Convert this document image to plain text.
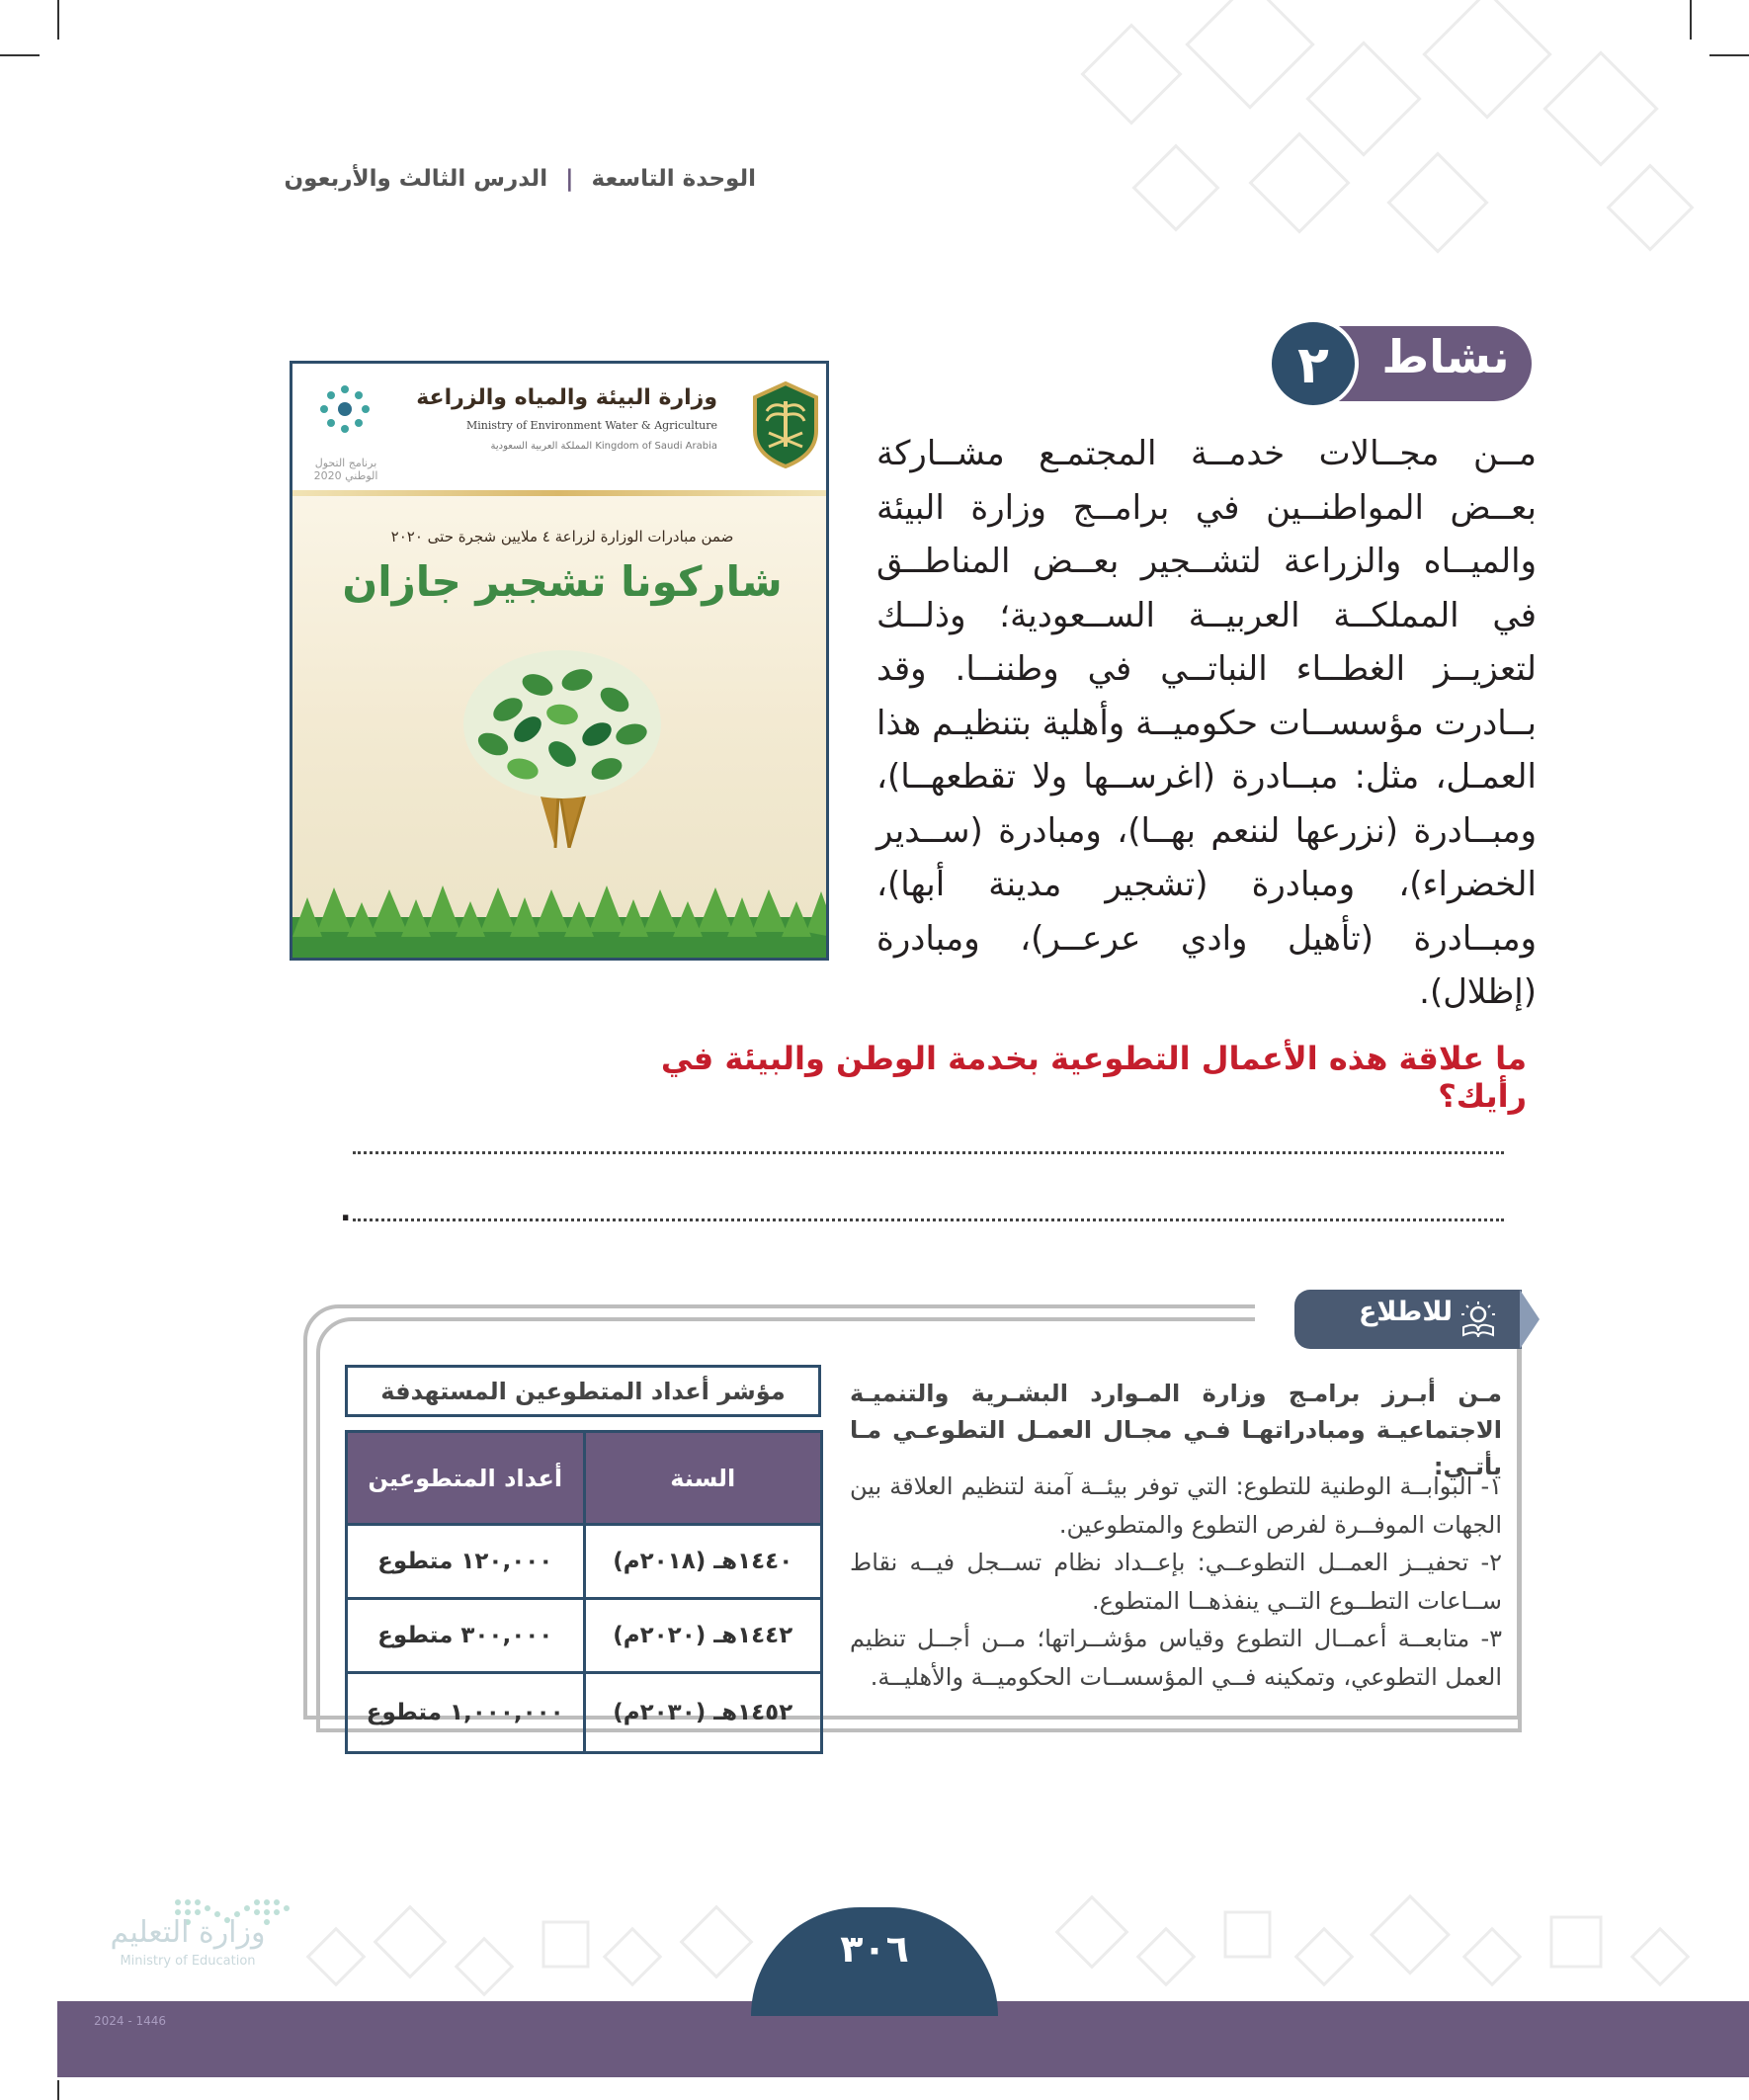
الوحدة التاسعة | الدرس الثالث والأربعون
نشاط
٢
وزارة البيئة والمياه والزراعة
Ministry of Environment Water & Agriculture
Kingdom of Saudi Arabia المملكة العربية السعودية
برنامج التحول الوطني 2020
ضمن مبادرات الوزارة لزراعة ٤ ملايين شجرة حتى ٢٠٢٠
شاركونا تشجير جازان
مــن مجــالات خدمــة المجتمـع مشــاركة بعــض المواطنــين في برامــج وزارة البيئة والميــاه والزراعة لتشــجير بعــض المناطــق في المملكــة العربيــة الســعودية؛ وذلــك لتعزيــز الغطــاء النباتــي في وطننــا. وقد بــادرت مؤسســات حكوميــة وأهلية بتنظيـم هذا العمـل، مثل: مبــادرة (اغرســها ولا تقطعهــا)، ومبــادرة (نزرعها لننعم بهــا)، ومبادرة (ســدير الخضراء)، ومبادرة (تشجير مدينة أبها)، ومبــادرة (تأهيل وادي عرعــر)، ومبادرة (إظلال).
ما علاقة هذه الأعمال التطوعية بخدمة الوطن والبيئة في رأيك؟
.
للاطلاع
مـن أبـرز برامـج وزارة المـوارد البشـرية والتنميـة الاجتماعيـة ومبادراتهـا فـي مجـال العمـل التطوعـي مـا يأتـي:
١- البوابــة الوطنية للتطوع: التي توفر بيئــة آمنة لتنظيم العلاقة بين الجهات الموفــرة لفرص التطوع والمتطوعين.
٢- تحفيــز العمــل التطوعــي: بإعــداد نظام تســجل فيــه نقاط ســاعات التطــوع التــي ينفذهــا المتطوع.
٣- متابعــة أعمــال التطوع وقياس مؤشــراتها؛ مــن أجــل تنظيم العمل التطوعي، وتمكينه فــي المؤسســات الحكوميــة والأهليــة.
مؤشر أعداد المتطوعين المستهدفة
السنة	أعداد المتطوعين
١٤٤٠هـ (٢٠١٨م)	١٢٠,٠٠٠ متطوع
١٤٤٢هـ (٢٠٢٠م)	٣٠٠,٠٠٠ متطوع
١٤٥٢هـ (٢٠٣٠م)	١,٠٠٠,٠٠٠ متطوع
٣٠٦
وزارة التعليم
Ministry of Education
2024 - 1446
